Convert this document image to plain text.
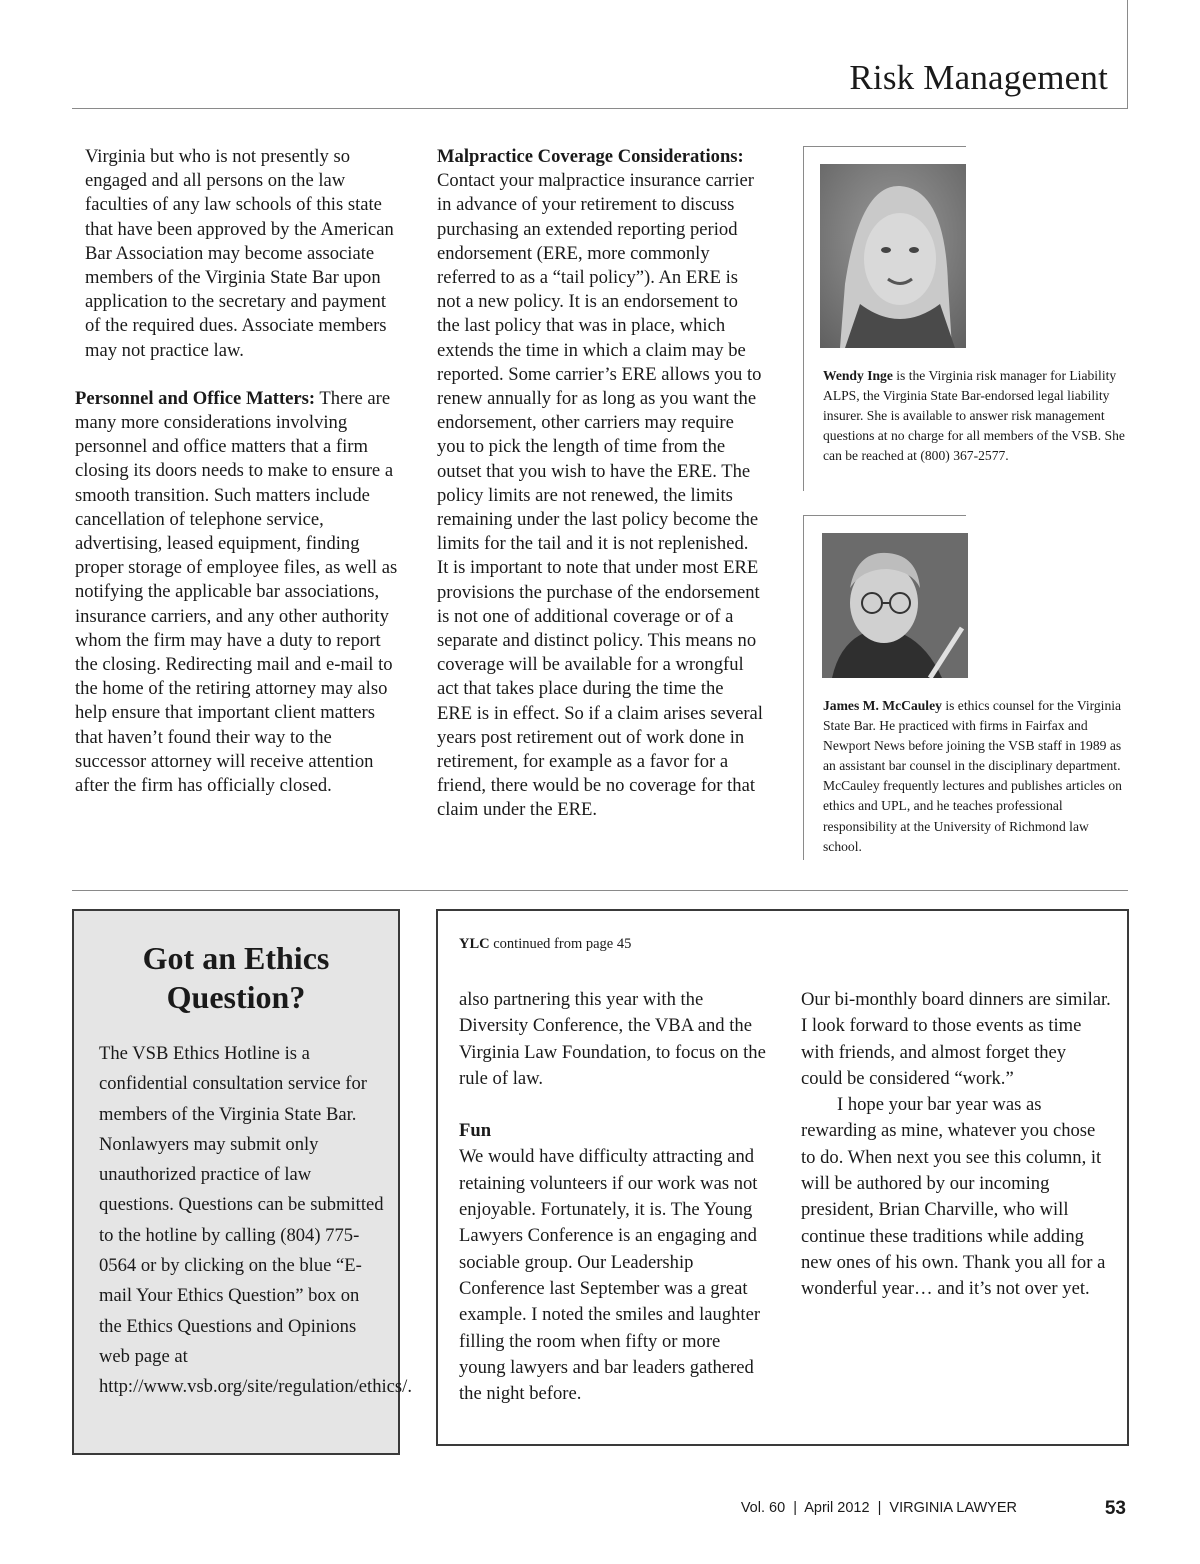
Risk Management

Virginia but who is not presently so engaged and all persons on the law faculties of any law schools of this state that have been approved by the American Bar Association may become associate members of the Virginia State Bar upon application to the secretary and payment of the required dues. Associate members may not practice law.

Personnel and Office Matters: There are many more considerations involving personnel and office matters that a firm closing its doors needs to make to ensure a smooth transition. Such matters include cancellation of telephone service, advertising, leased equipment, finding proper storage of employee files, as well as notifying the applicable bar associations, insurance carriers, and any other authority whom the firm may have a duty to report the closing. Redirecting mail and e-mail to the home of the retiring attorney may also help ensure that important client matters that haven’t found their way to the successor attorney will receive attention after the firm has officially closed.

Malpractice Coverage Considerations:

Contact your malpractice insurance carrier in advance of your retirement to discuss purchasing an extended reporting period endorsement (ERE, more commonly referred to as a “tail policy”). An ERE is not a new policy. It is an endorsement to the last policy that was in place, which extends the time in which a claim may be reported. Some carrier’s ERE allows you to renew annually for as long as you want the endorsement, other carriers may require you to pick the length of time from the outset that you wish to have the ERE. The policy limits are not renewed, the limits remaining under the last policy become the limits for the tail and it is not replenished. It is important to note that under most ERE provisions the purchase of the endorsement is not one of additional coverage or of a separate and distinct policy. This means no coverage will be available for a wrongful act that takes place during the time the ERE is in effect. So if a claim arises several years post retirement out of work done in retirement, for example as a favor for a friend, there would be no coverage for that claim under the ERE.

Wendy Inge is the Virginia risk manager for Liability ALPS, the Virginia State Bar-endorsed legal liability insurer. She is available to answer risk management questions at no charge for all members of the VSB. She can be reached at (800) 367-2577.
James M. McCauley is ethics counsel for the Virginia State Bar. He practiced with firms in Fairfax and Newport News before joining the VSB staff in 1989 as an assistant bar counsel in the disciplinary department. McCauley frequently lectures and publishes articles on ethics and UPL, and he teaches professional responsibility at the University of Richmond law school.
Got an Ethics
Question?

The VSB Ethics Hotline is a confidential consultation service for members of the Virginia State Bar. Nonlawyers may submit only unauthorized practice of law questions. Questions can be submitted to the hotline by calling (804) 775-0564 or by clicking on the blue “E-mail Your Ethics Question” box on the Ethics Questions and Opinions web page at http://www.vsb.org/site/regulation/ethics/.

YLC continued from page 45

also partnering this year with the Diversity Conference, the VBA and the Virginia Law Foundation, to focus on the rule of law.

Fun

We would have difficulty attracting and retaining volunteers if our work was not enjoyable. Fortunately, it is. The Young Lawyers Conference is an engaging and sociable group. Our Leadership Conference last September was a great example. I noted the smiles and laughter filling the room when fifty or more young lawyers and bar leaders gathered the night before.

Our bi-monthly board dinners are similar. I look forward to those events as time with friends, and almost forget they could be considered “work.”

I hope your bar year was as rewarding as mine, whatever you chose to do. When next you see this column, it will be authored by our incoming president, Brian Charville, who will continue these traditions while adding new ones of his own. Thank you all for a wonderful year… and it’s not over yet.

Vol. 60  |  April 2012  |  VIRGINIA LAWYER	53
